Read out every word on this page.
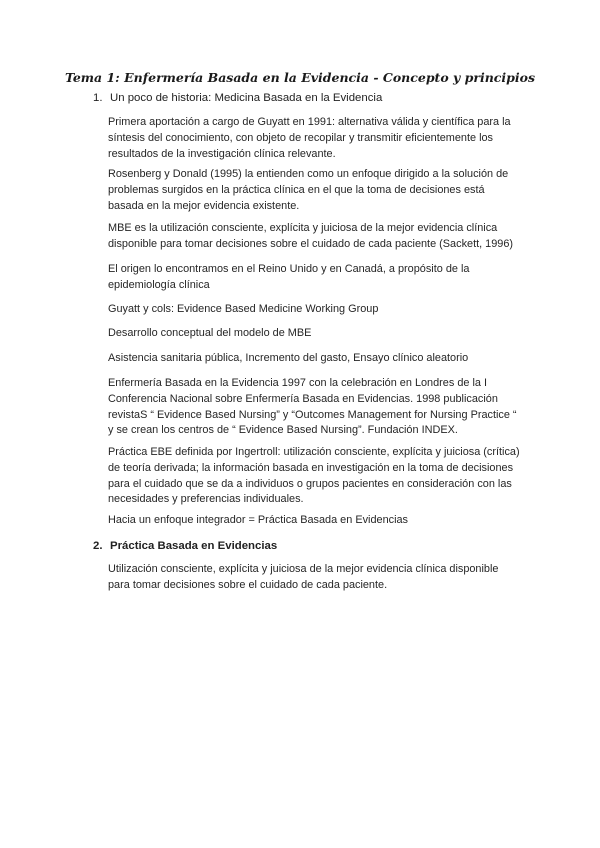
Tema 1: Enfermería Basada en la Evidencia - Concepto y principios
1. Un poco de historia: Medicina Basada en la Evidencia

Primera aportación a cargo de Guyatt en 1991: alternativa válida y científica para la síntesis del conocimiento, con objeto de recopilar y transmitir eficientemente los resultados de la investigación clínica relevante.

Rosenberg y Donald (1995) la entienden como un enfoque dirigido a la solución de problemas surgidos en la práctica clínica en el que la toma de decisiones está basada en la mejor evidencia existente.

MBE es la utilización consciente, explícita y juiciosa de la mejor evidencia clínica disponible para tomar decisiones sobre el cuidado de cada paciente (Sackett, 1996)

El origen lo encontramos en el Reino Unido y en Canadá, a propósito de la epidemiología clínica

Guyatt y cols: Evidence Based Medicine Working Group

Desarrollo conceptual del modelo de MBE

Asistencia sanitaria pública, Incremento del gasto, Ensayo clínico aleatorio

Enfermería Basada en la Evidencia 1997 con la celebración en Londres de la I Conferencia Nacional sobre Enfermería Basada en Evidencias. 1998 publicación revistaS “ Evidence Based Nursing” y “Outcomes Management for Nursing Practice “ y se crean los centros de “ Evidence Based Nursing”. Fundación INDEX.

Práctica EBE definida por Ingertroll: utilización consciente, explícita y juiciosa (crítica) de teoría derivada; la información basada en investigación en la toma de decisiones para el cuidado que se da a individuos o grupos pacientes en consideración con las necesidades y preferencias individuales.

Hacia un enfoque integrador = Práctica Basada en Evidencias

2. Práctica Basada en Evidencias

Utilización consciente, explícita y juiciosa de la mejor evidencia clínica disponible para tomar decisiones sobre el cuidado de cada paciente.
